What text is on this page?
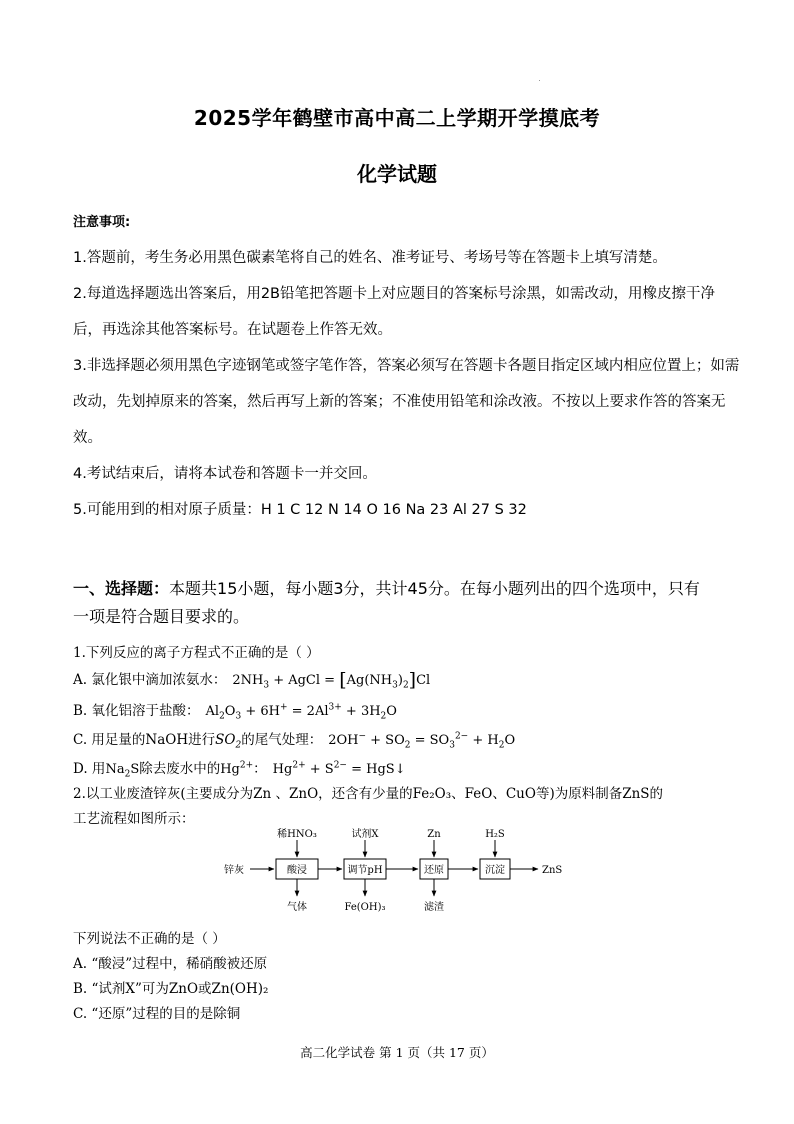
2025学年鹤壁市高中高二上学期开学摸底考
化学试题
注意事项:
1.答题前，考生务必用黑色碳素笔将自己的姓名、准考证号、考场号等在答题卡上填写清楚。
2.每道选择题选出答案后，用2B铅笔把答题卡上对应题目的答案标号涂黑，如需改动，用橡皮擦干净
后，再选涂其他答案标号。在试题卷上作答无效。
3.非选择题必须用黑色字迹钢笔或签字笔作答，答案必须写在答题卡各题目指定区域内相应位置上；如需
改动，先划掉原来的答案，然后再写上新的答案；不准使用铅笔和涂改液。不按以上要求作答的答案无
效。
4.考试结束后，请将本试卷和答题卡一并交回。
5.可能用到的相对原子质量：H 1 C 12 N 14 O 16 Na 23 Al 27 S 32
一、选择题：本题共15小题，每小题3分，共计45分。在每小题列出的四个选项中，只有
一项是符合题目要求的。
1.下列反应的离子方程式不正确的是（ ）
A. 氯化银中滴加浓氨水： $2NH_3$ + AgCl = $[Ag(NH_3)_2]Cl$
B. 氧化铝溶于盐酸： $Al_2O_3 + 6H^+ = 2Al^{3+} + 3H_2O$
C. 用足量的NaOH进行$SO_2$的尾气处理： $2OH^- + SO_2 = SO_3^{2-} + H_2O$
D. 用$Na_2S$除去废水中的$Hg^{2+}$： $Hg^{2+} + S^{2-}$ = HgS↓
2.以工业废渣锌灰(主要成分为Zn 、ZnO，还含有少量的Fe₂O₃、FeO、CuO等)为原料制备ZnS的
工艺流程如图所示：
锌灰	酸浸	调节pH	还原	沉淀	ZnS
稀HNO₃	试剂X	Zn	H₂S
气体	Fe(OH)₃	滤渣
下列说法不正确的是（ ）
A. “酸浸”过程中，稀硝酸被还原
B. “试剂X”可为ZnO或Zn(OH)₂
C. “还原”过程的目的是除铜
高二化学试卷 第 1 页（共 17 页）
